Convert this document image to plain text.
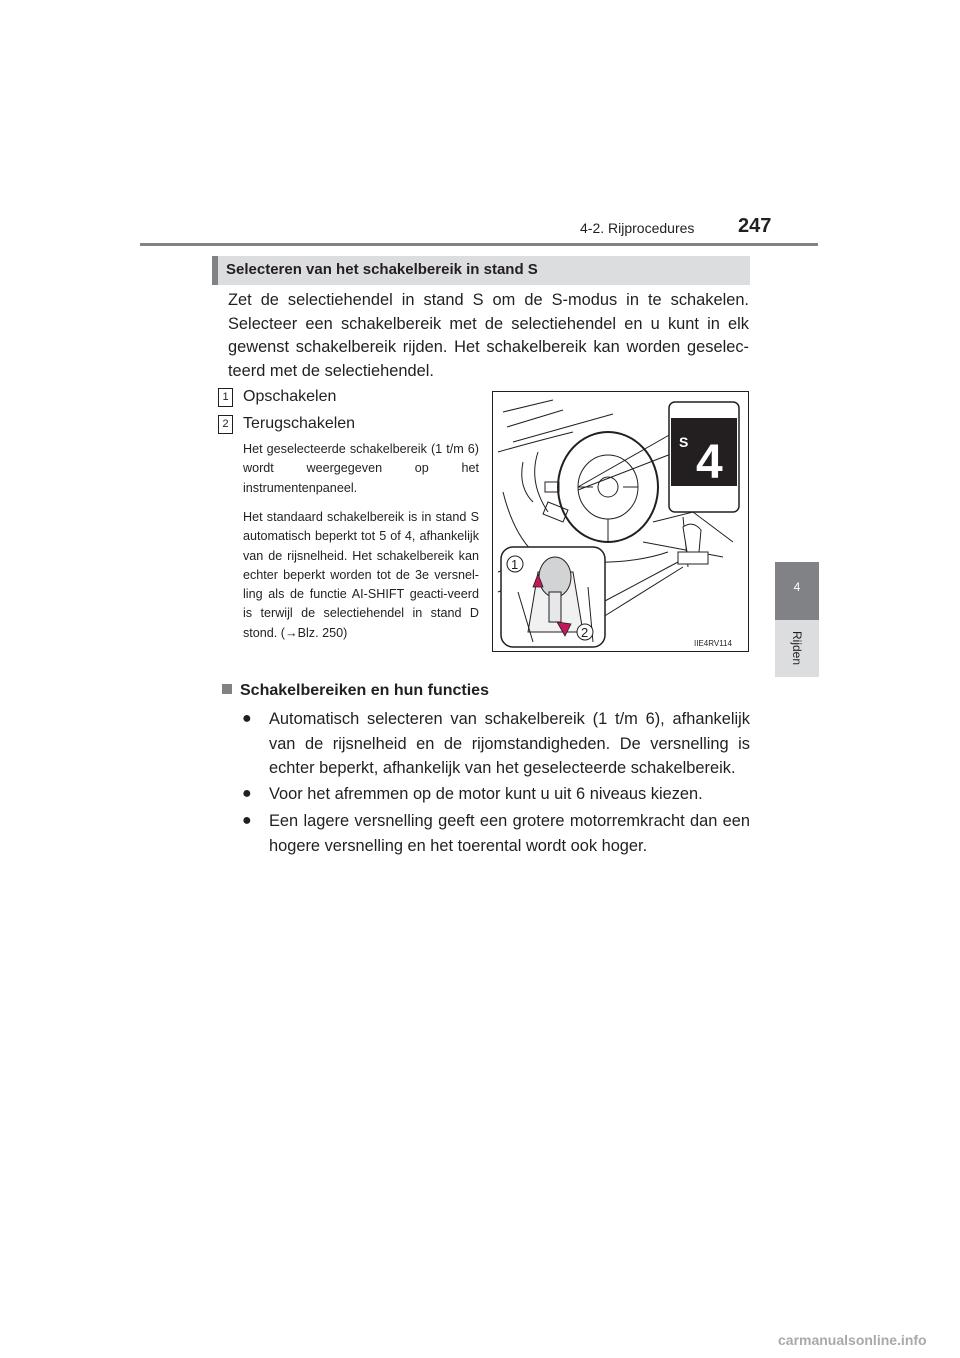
4-2. Rijprocedures 247
4
Rijden
Selecteren van het schakelbereik in stand S
Zet de selectiehendel in stand S om de S-modus in te schakelen. Selecteer een schakelbereik met de selectiehendel en u kunt in elk gewenst schakelbereik rijden. Het schakelbereik kan worden geselec-teerd met de selectiehendel.
1 Opschakelen
2 Terugschakelen
Het geselecteerde schakelbereik (1 t/m 6) wordt weergegeven op het instrumentenpaneel.
Het standaard schakelbereik is in stand S automatisch beperkt tot 5 of 4, afhankelijk van de rijsnelheid. Het schakelbereik kan echter beperkt worden tot de 3e versnel-ling als de functie AI-SHIFT geacti-veerd is terwijl de selectiehendel in stand D stond. (→Blz. 250)
S 4
1
2
IIE4RV114
Schakelbereiken en hun functies
● Automatisch selecteren van schakelbereik (1 t/m 6), afhankelijk van de rijsnelheid en de rijomstandigheden. De versnelling is echter beperkt, afhankelijk van het geselecteerde schakelbereik.
● Voor het afremmen op de motor kunt u uit 6 niveaus kiezen.
● Een lagere versnelling geeft een grotere motorremkracht dan een hogere versnelling en het toerental wordt ook hoger.
carmanualsonline.info
